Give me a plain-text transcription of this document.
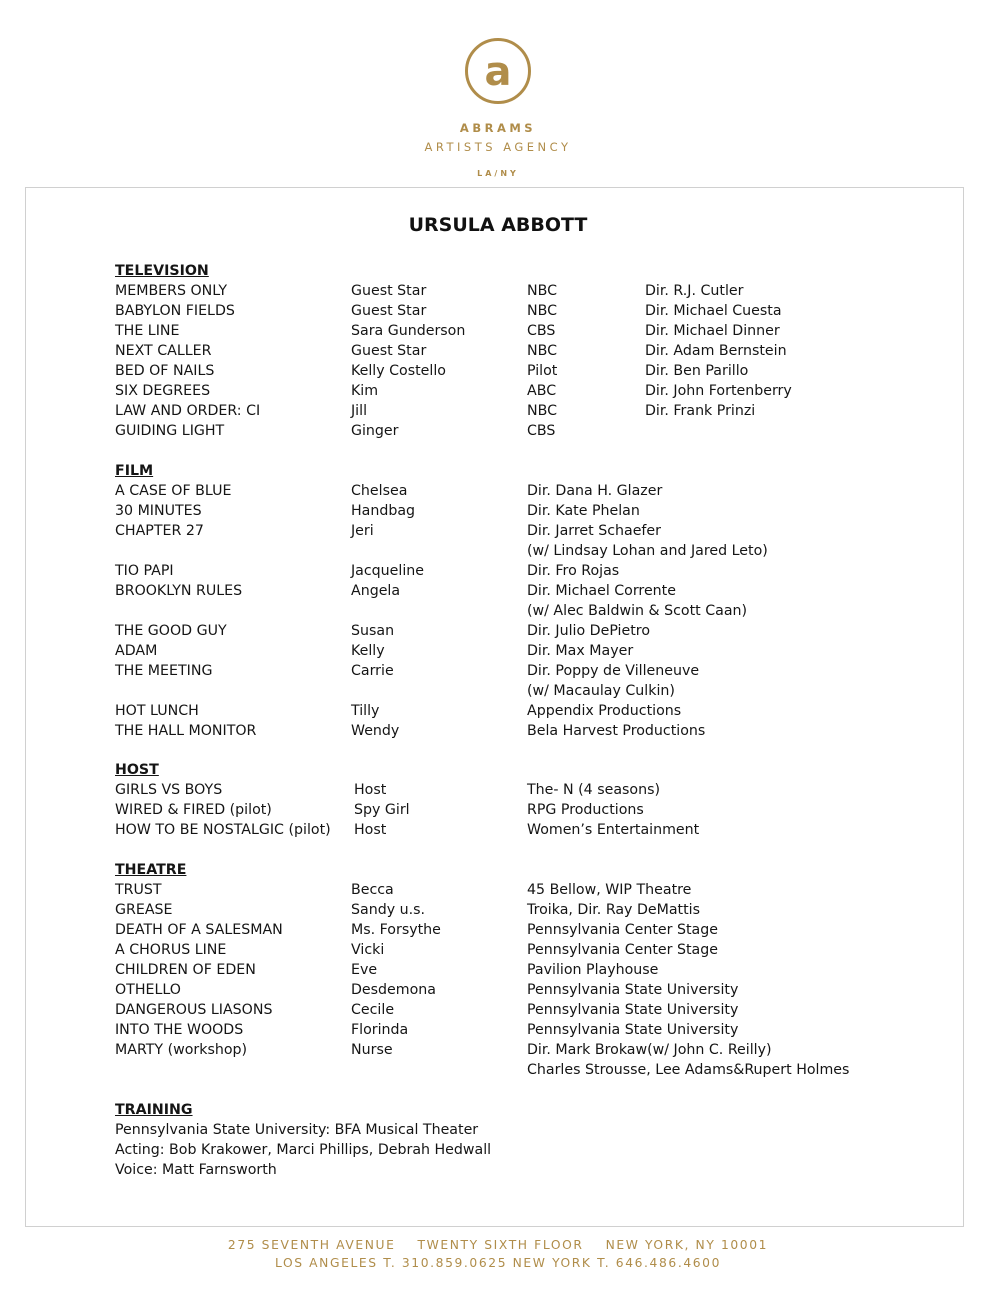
a
ABRAMS
ARTISTS AGENCY
LA/NY
URSULA ABBOTT
TELEVISION
MEMBERS ONLY	Guest Star	NBC	Dir. R.J. Cutler
BABYLON FIELDS	Guest Star	NBC	Dir. Michael Cuesta
THE LINE	Sara Gunderson	CBS	Dir. Michael Dinner
NEXT CALLER	Guest Star	NBC	Dir. Adam Bernstein
BED OF NAILS	Kelly Costello	Pilot	Dir. Ben Parillo
SIX DEGREES	Kim	ABC	Dir. John Fortenberry
LAW AND ORDER: CI	Jill	NBC	Dir. Frank Prinzi
GUIDING LIGHT	Ginger	CBS
FILM
A CASE OF BLUE	Chelsea	Dir. Dana H. Glazer
30 MINUTES	Handbag	Dir. Kate Phelan
CHAPTER 27	Jeri	Dir. Jarret Schaefer
(w/ Lindsay Lohan and Jared Leto)
TIO PAPI	Jacqueline	Dir. Fro Rojas
BROOKLYN RULES	Angela	Dir. Michael Corrente
(w/ Alec Baldwin & Scott Caan)
THE GOOD GUY	Susan	Dir. Julio DePietro
ADAM	Kelly	Dir. Max Mayer
THE MEETING	Carrie	Dir. Poppy de Villeneuve
(w/ Macaulay Culkin)
HOT LUNCH	Tilly	Appendix Productions
THE HALL MONITOR	Wendy	Bela Harvest Productions
HOST
GIRLS VS BOYS	Host	The- N (4 seasons)
WIRED & FIRED (pilot)	Spy Girl	RPG Productions
HOW TO BE NOSTALGIC (pilot) Host	Women’s Entertainment
THEATRE
TRUST	Becca	45 Bellow, WIP Theatre
GREASE	Sandy u.s.	Troika, Dir. Ray DeMattis
DEATH OF A SALESMAN	Ms. Forsythe	Pennsylvania Center Stage
A CHORUS LINE	Vicki	Pennsylvania Center Stage
CHILDREN OF EDEN	Eve	Pavilion Playhouse
OTHELLO	Desdemona	Pennsylvania State University
DANGEROUS LIASONS	Cecile	Pennsylvania State University
INTO THE WOODS	Florinda	Pennsylvania State University
MARTY (workshop)	Nurse	Dir. Mark Brokaw(w/ John C. Reilly)
Charles Strousse, Lee Adams&Rupert Holmes
TRAINING
Pennsylvania State University: BFA Musical Theater
Acting: Bob Krakower, Marci Phillips, Debrah Hedwall
Voice: Matt Farnsworth
275 SEVENTH AVENUE TWENTY SIXTH FLOOR NEW YORK, NY 10001
LOS ANGELES T. 310.859.0625 NEW YORK T. 646.486.4600
